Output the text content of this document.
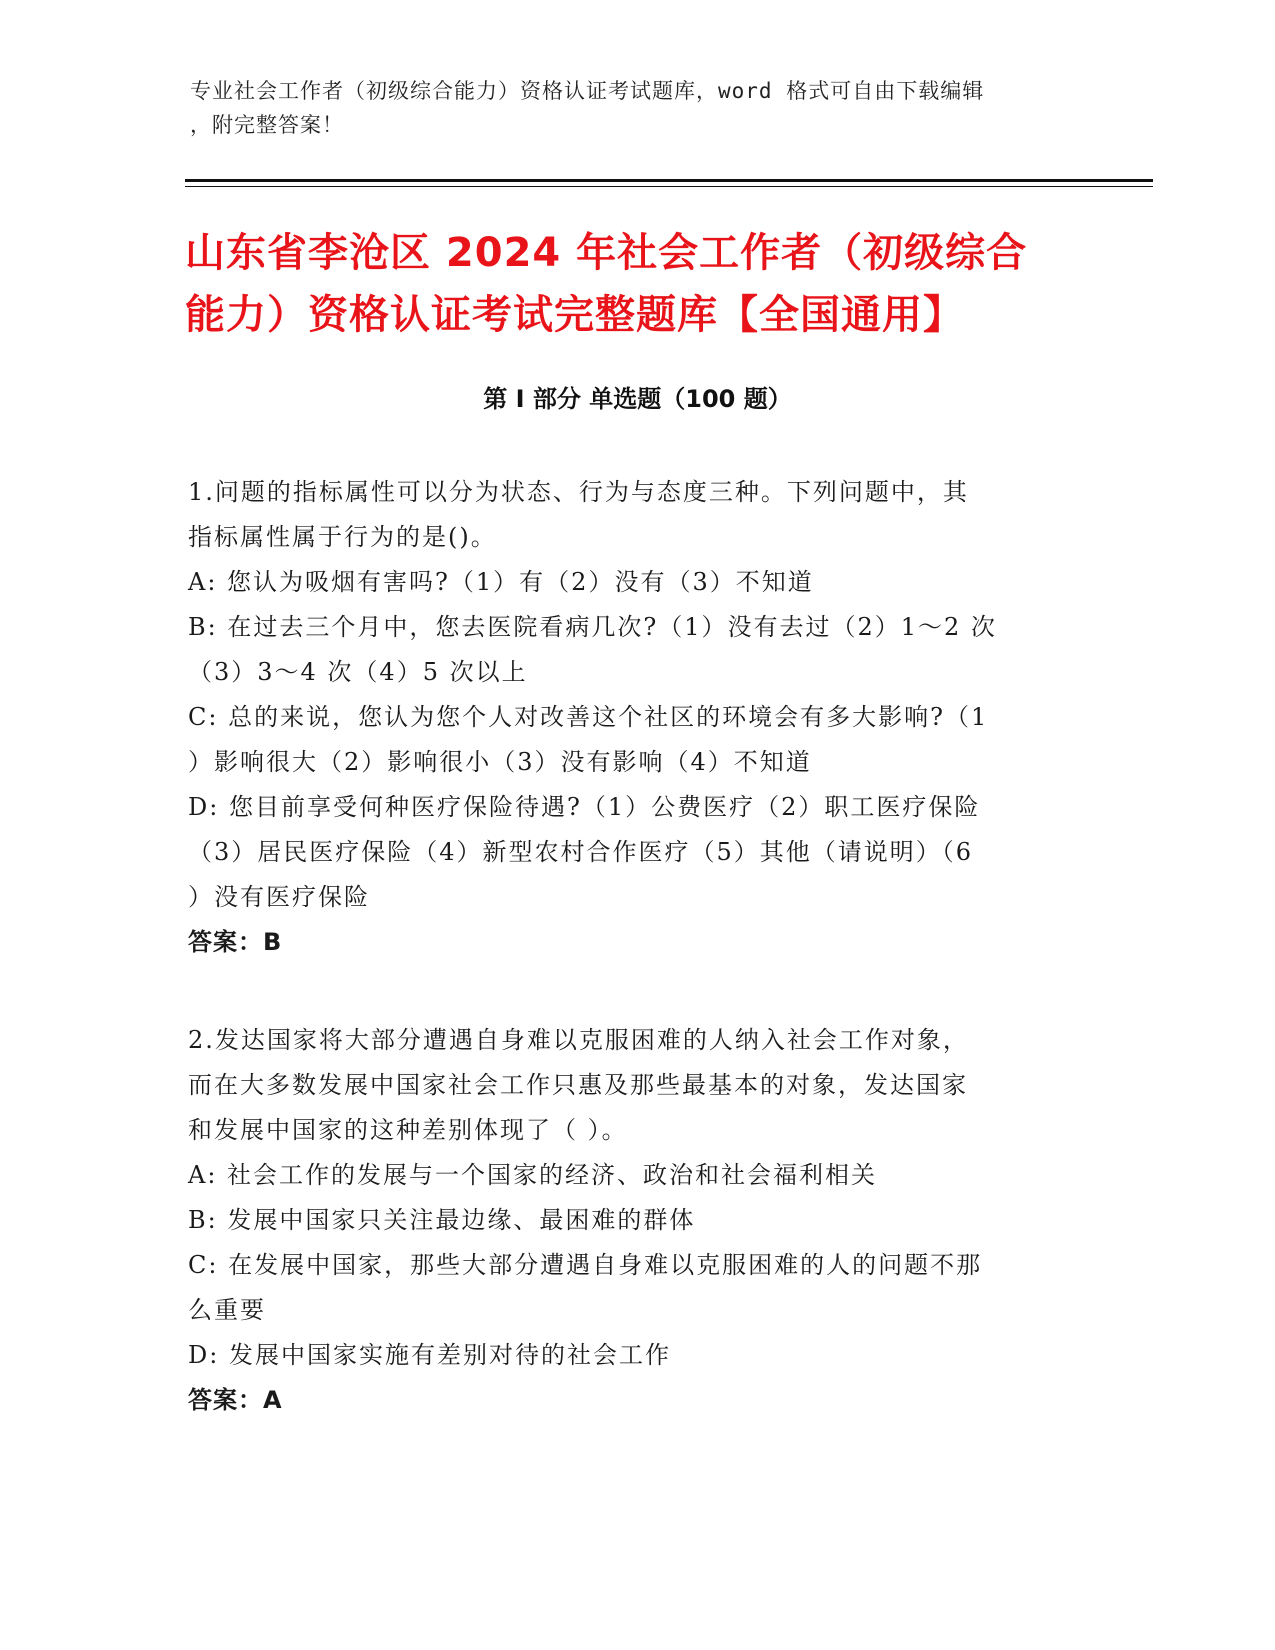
专业社会工作者（初级综合能力）资格认证考试题库，word 格式可自由下载编辑
，附完整答案！
山东省李沧区 2024 年社会工作者（初级综合
能力）资格认证考试完整题库【全国通用】
第 I 部分 单选题（100 题）
1.问题的指标属性可以分为状态、行为与态度三种。下列问题中，其
指标属性属于行为的是()。
A: 您认为吸烟有害吗?（1）有（2）没有（3）不知道
B: 在过去三个月中，您去医院看病几次?（1）没有去过（2）1～2 次
（3）3～4 次（4）5 次以上
C: 总的来说，您认为您个人对改善这个社区的环境会有多大影响?（1
）影响很大（2）影响很小（3）没有影响（4）不知道
D: 您目前享受何种医疗保险待遇?（1）公费医疗（2）职工医疗保险
（3）居民医疗保险（4）新型农村合作医疗（5）其他（请说明）（6
）没有医疗保险
答案：B
2.发达国家将大部分遭遇自身难以克服困难的人纳入社会工作对象，
而在大多数发展中国家社会工作只惠及那些最基本的对象，发达国家
和发展中国家的这种差别体现了（ ）。
A: 社会工作的发展与一个国家的经济、政治和社会福利相关
B: 发展中国家只关注最边缘、最困难的群体
C: 在发展中国家，那些大部分遭遇自身难以克服困难的人的问题不那
么重要
D: 发展中国家实施有差别对待的社会工作
答案：A
